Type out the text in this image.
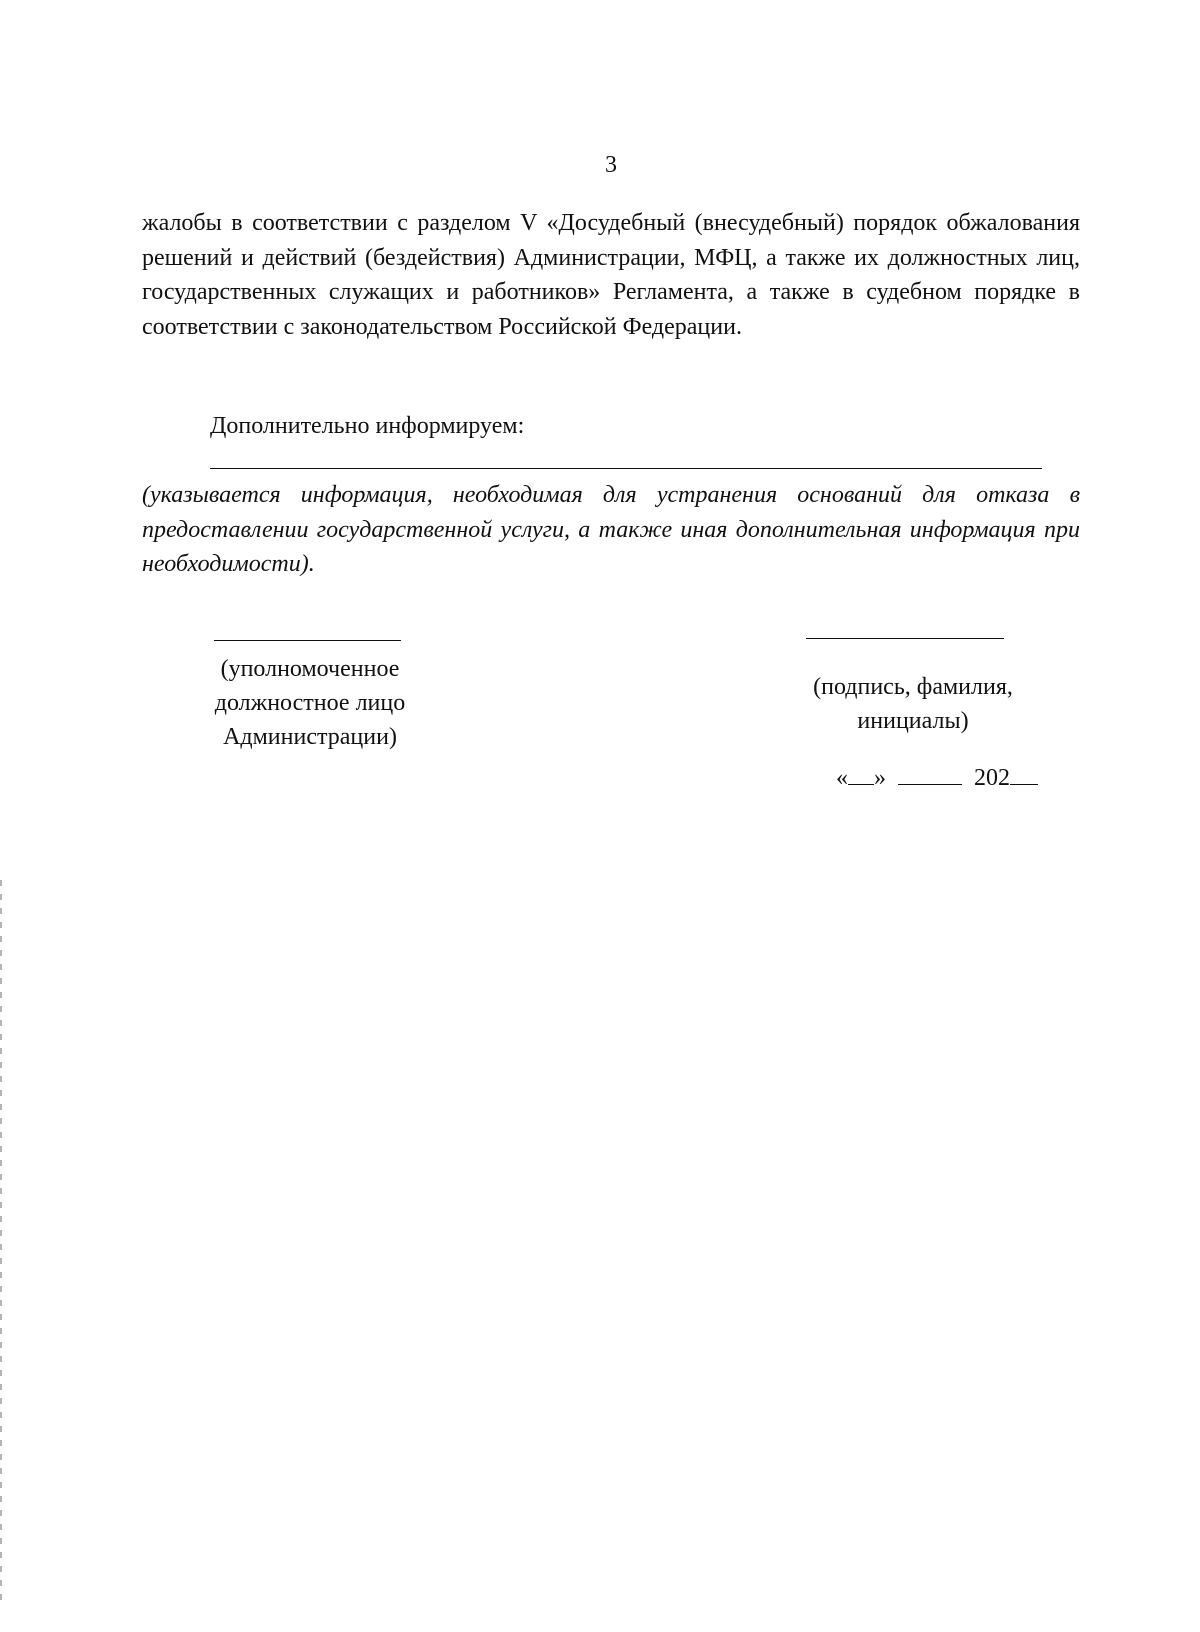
3

жалобы в соответствии с разделом V «Досудебный (внесудебный) порядок обжалования решений и действий (бездействия) Администрации, МФЦ, а также их должностных лиц, государственных служащих и работников» Регламента, а также в судебном порядке в соответствии с законодательством Российской Федерации.

Дополнительно информируем:

(указывается информация, необходимая для устранения оснований для отказа в предоставлении государственной услуги, а также иная дополнительная информация при необходимости).

(уполномоченное
должностное лицо
Администрации)
(подпись, фамилия,
инициалы)
« »	202
